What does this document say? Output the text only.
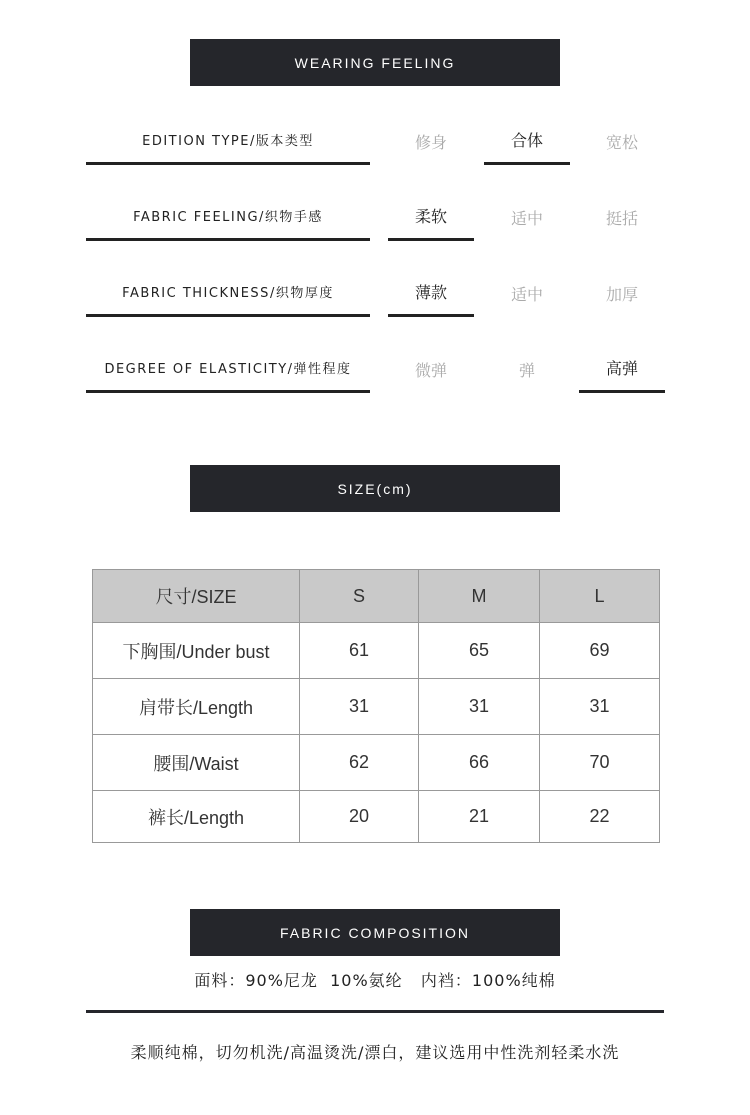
WEARING FEELING
EDITION TYPE/版本类型	修身	合体	宽松
FABRIC FEELING/织物手感	柔软	适中	挺括
FABRIC THICKNESS/织物厚度	薄款	适中	加厚
DEGREE OF ELASTICITY/弹性程度	微弹	弹	高弹
SIZE(cm)
尺寸/SIZE	S	M	L
下胸围/Under bust	61	65	69
肩带长/Length	31	31	31
腰围/Waist	62	66	70
裤长/Length	20	21	22
FABRIC COMPOSITION
面料：90%尼龙  10%氨纶   内裆：100%纯棉
柔顺纯棉，切勿机洗/高温烫洗/漂白，建议选用中性洗剂轻柔水洗
